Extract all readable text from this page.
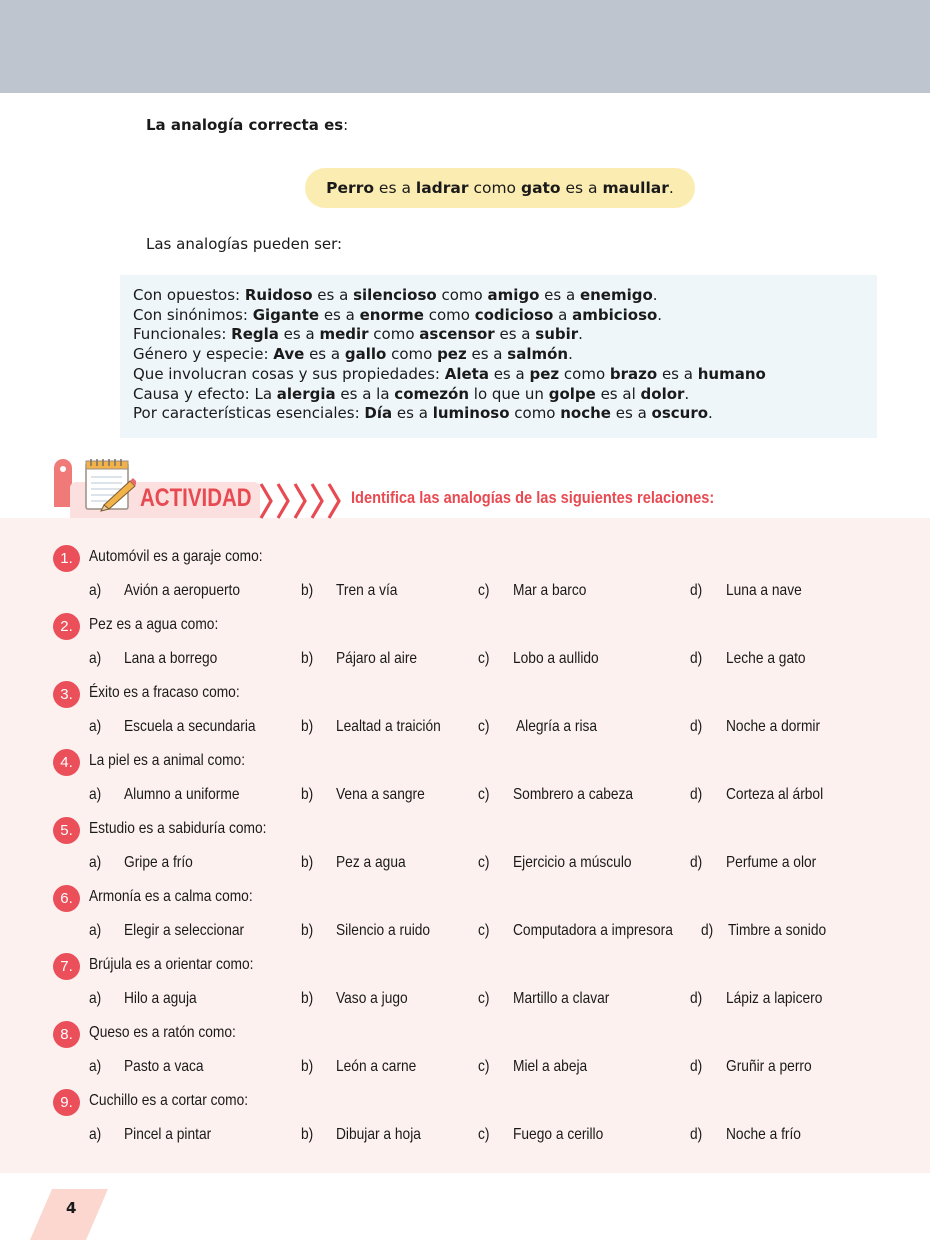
La analogía correcta es:
Perro es a ladrar como gato es a maullar.
Las analogías pueden ser:
Con opuestos: Ruidoso es a silencioso como amigo es a enemigo.
Con sinónimos: Gigante es a enorme como codicioso a ambicioso.
Funcionales: Regla es a medir como ascensor es a subir.
Género y especie: Ave es a gallo como pez es a salmón.
Que involucran cosas y sus propiedades: Aleta es a pez como brazo es a humano
Causa y efecto: La alergia es a la comezón lo que un golpe es al dolor.
Por características esenciales: Día es a luminoso como noche es a oscuro.
ACTIVIDAD	Identifica las analogías de las siguientes relaciones:
1.	Automóvil es a garaje como:
a) Avión a aeropuerto	b) Tren a vía	c) Mar a barco	d) Luna a nave
2.	Pez es a agua como:
a) Lana a borrego	b) Pájaro al aire	c) Lobo a aullido	d) Leche a gato
3.	Éxito es a fracaso como:
a) Escuela a secundaria	b) Lealtad a traición c) Alegría a risa	d) Noche a dormir
4.	La piel es a animal como:
a) Alumno a uniforme	b) Vena a sangre	c) Sombrero a cabeza	d) Corteza al árbol
5.	Estudio es a sabiduría como:
a) Gripe a frío	b) Pez a agua	c) Ejercicio a músculo	d) Perfume a olor
6.	Armonía es a calma como:
a) Elegir a seleccionar	b) Silencio a ruido	c) Computadora a impresora d) Timbre a sonido
7.	Brújula es a orientar como:
a) Hilo a aguja	b) Vaso a jugo	c) Martillo a clavar	d) Lápiz a lapicero
8.	Queso es a ratón como:
a) Pasto a vaca	b) León a carne	c) Miel a abeja	d) Gruñir a perro
9.	Cuchillo es a cortar como:
a) Pincel a pintar	b) Dibujar a hoja	c) Fuego a cerillo	d) Noche a frío
4
